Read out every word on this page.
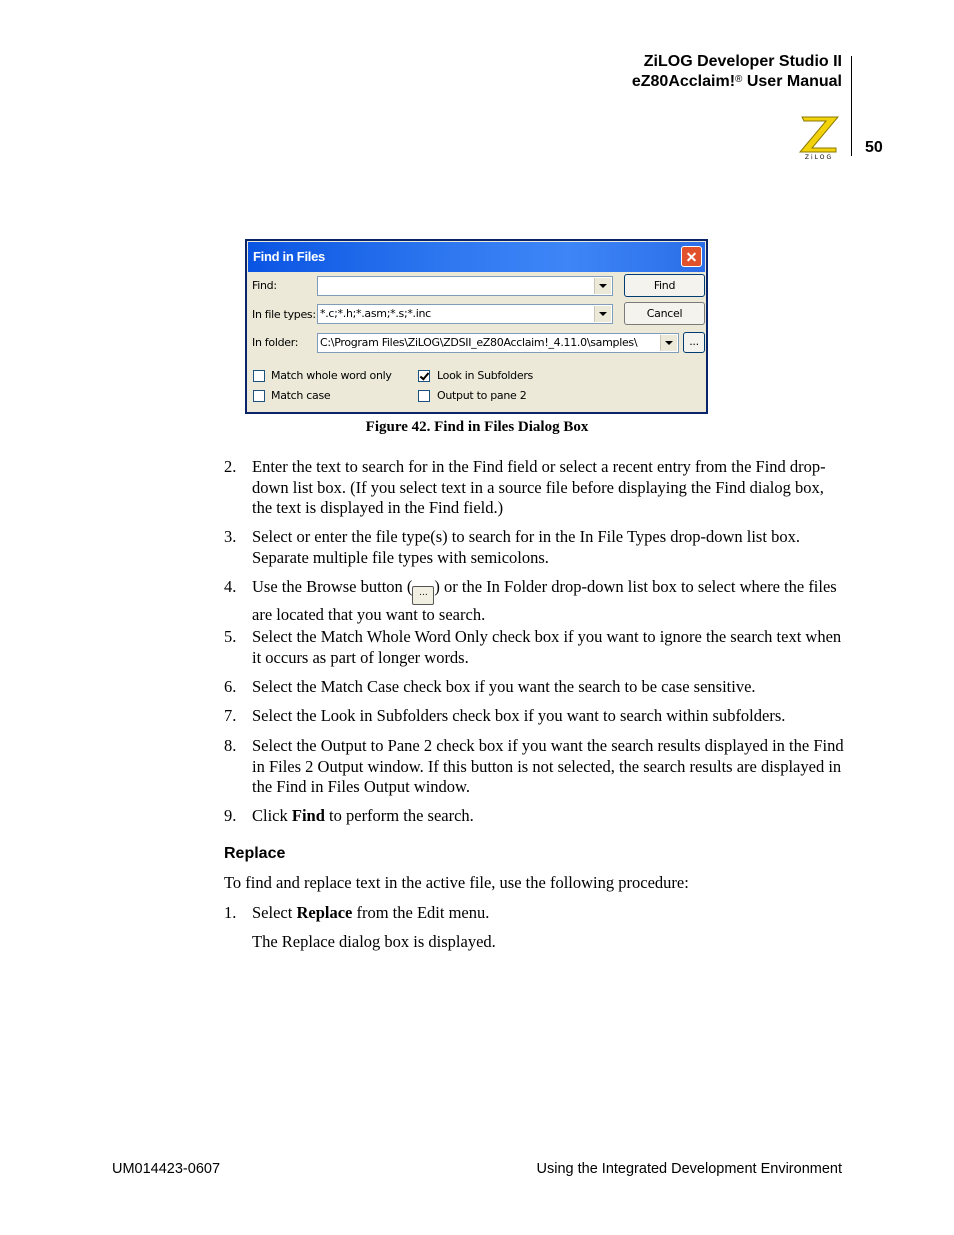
ZiLOG Developer Studio II
eZ80Acclaim!® User Manual
ZiLOG
50
Find in Files
Find:
In file types: *.c;*.h;*.asm;*.s;*.inc
In folder: C:\Program Files\ZiLOG\ZDSII_eZ80Acclaim!_4.11.0\samples\	...
Find
Cancel
Match whole word only
Match case
Look in Subfolders
Output to pane 2
Figure 42. Find in Files Dialog Box
2. Enter the text to search for in the Find field or select a recent entry from the Find drop-down list box. (If you select text in a source file before displaying the Find dialog box, the text is displayed in the Find field.)
3. Select or enter the file type(s) to search for in the In File Types drop-down list box. Separate multiple file types with semicolons.
4. Use the Browse button ( ... ) or the In Folder drop-down list box to select where the files are located that you want to search.
5. Select the Match Whole Word Only check box if you want to ignore the search text when it occurs as part of longer words.
6. Select the Match Case check box if you want the search to be case sensitive.
7. Select the Look in Subfolders check box if you want to search within subfolders.
8. Select the Output to Pane 2 check box if you want the search results displayed in the Find in Files 2 Output window. If this button is not selected, the search results are displayed in the Find in Files Output window.
9. Click Find to perform the search.
Replace
To find and replace text in the active file, use the following procedure:
1. Select Replace from the Edit menu.
The Replace dialog box is displayed.
UM014423-0607	Using the Integrated Development Environment
